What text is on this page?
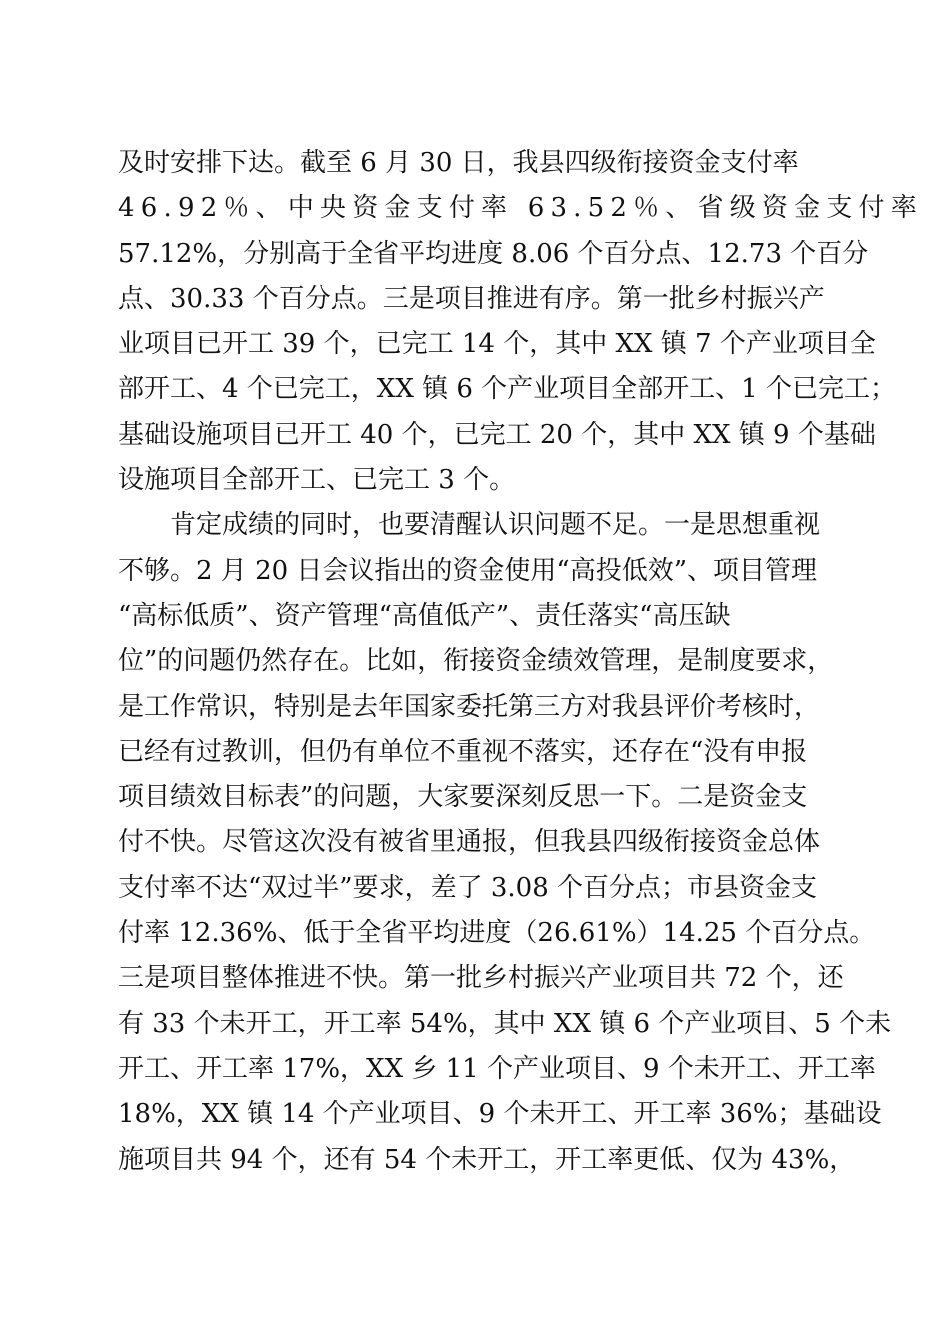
及时安排下达。截至 6 月 30 日，我县四级衔接资金支付率
46.92％、中央资金支付率 63.52％、省级资金支付率
57.12%，分别高于全省平均进度 8.06 个百分点、12.73 个百分
点、30.33 个百分点。三是项目推进有序。第一批乡村振兴产
业项目已开工 39 个，已完工 14 个，其中 XX 镇 7 个产业项目全
部开工、4 个已完工，XX 镇 6 个产业项目全部开工、1 个已完工；
基础设施项目已开工 40 个，已完工 20 个，其中 XX 镇 9 个基础
设施项目全部开工、已完工 3 个。
肯定成绩的同时，也要清醒认识问题不足。一是思想重视
不够。2 月 20 日会议指出的资金使用“高投低效”、项目管理
“高标低质”、资产管理“高值低产”、责任落实“高压缺
位”的问题仍然存在。比如，衔接资金绩效管理，是制度要求，
是工作常识，特别是去年国家委托第三方对我县评价考核时，
已经有过教训，但仍有单位不重视不落实，还存在“没有申报
项目绩效目标表”的问题，大家要深刻反思一下。二是资金支
付不快。尽管这次没有被省里通报，但我县四级衔接资金总体
支付率不达“双过半”要求，差了 3.08 个百分点；市县资金支
付率 12.36%、低于全省平均进度（26.61%）14.25 个百分点。
三是项目整体推进不快。第一批乡村振兴产业项目共 72 个，还
有 33 个未开工，开工率 54%，其中 XX 镇 6 个产业项目、5 个未
开工、开工率 17%，XX 乡 11 个产业项目、9 个未开工、开工率
18%，XX 镇 14 个产业项目、9 个未开工、开工率 36%；基础设
施项目共 94 个，还有 54 个未开工，开工率更低、仅为 43%，
